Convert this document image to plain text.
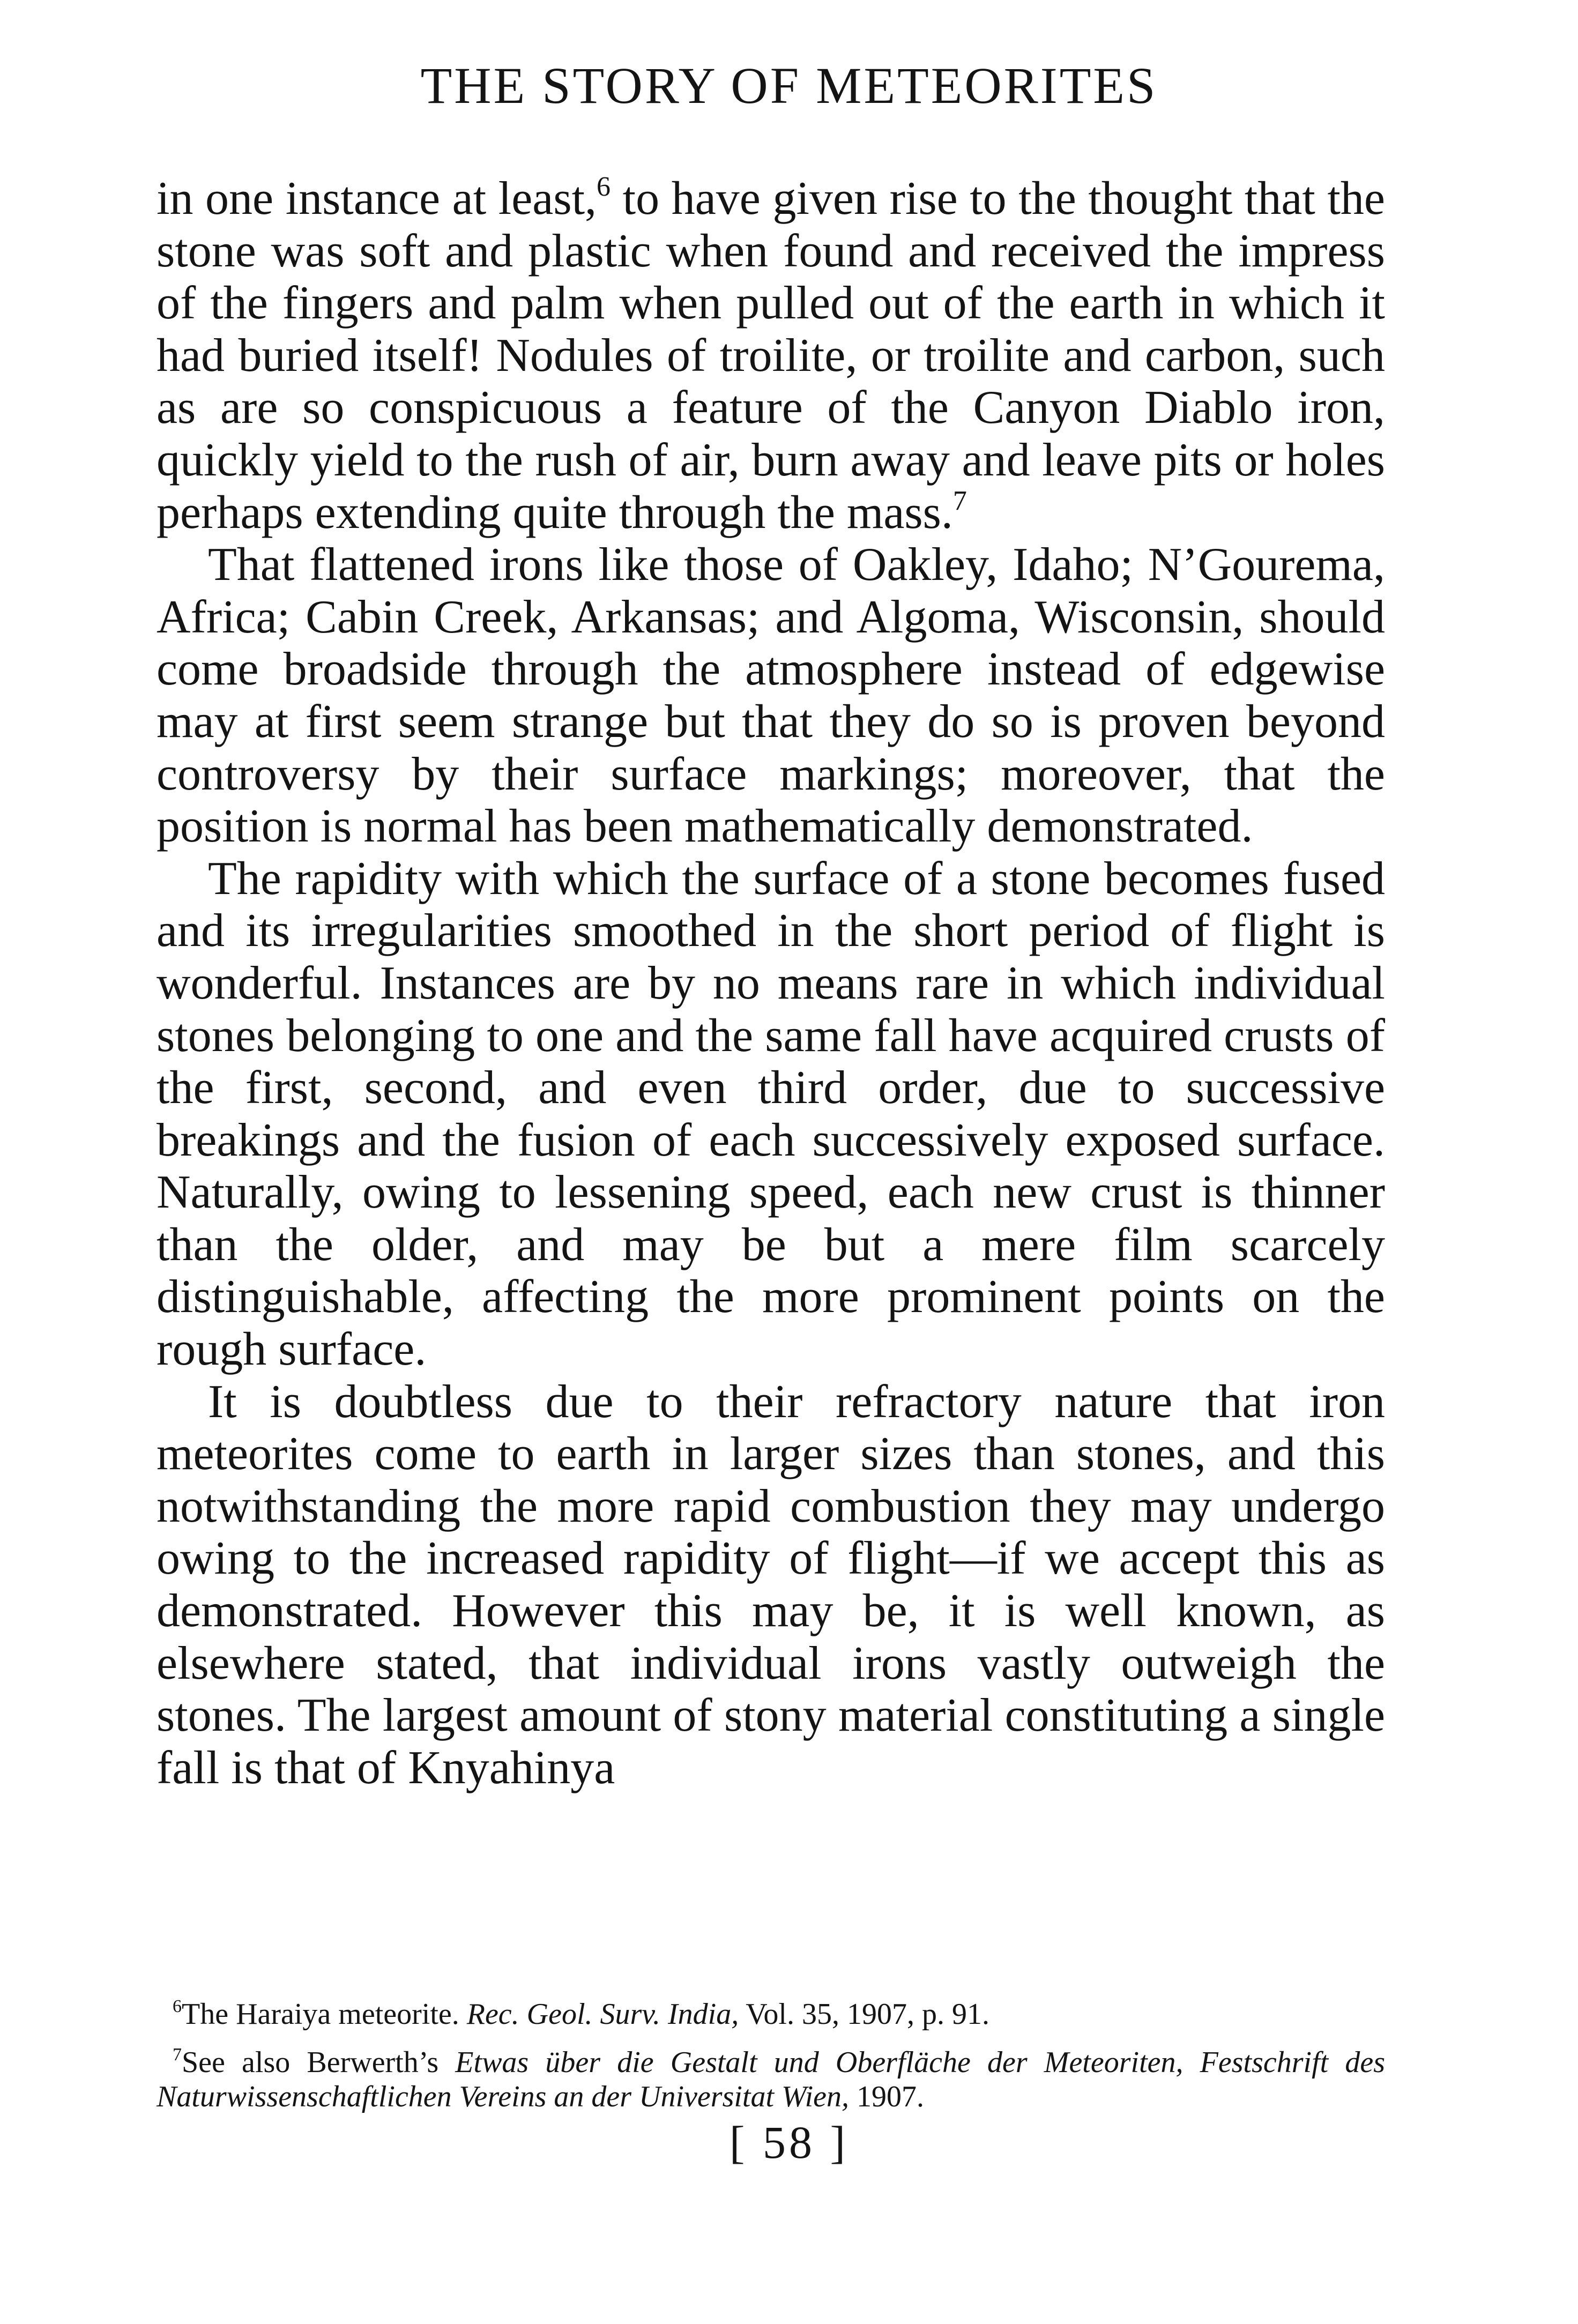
THE STORY OF METEORITES

in one instance at least,$^6$ to have given rise to the thought that the stone was soft and plastic when found and received the impress of the fingers and palm when pulled out of the earth in which it had buried itself! Nodules of troilite, or troilite and carbon, such as are so conspicuous a feature of the Canyon Diablo iron, quickly yield to the rush of air, burn away and leave pits or holes perhaps extending quite through the mass.$^7$

That flattened irons like those of Oakley, Idaho; N’Gourema, Africa; Cabin Creek, Arkansas; and Algoma, Wisconsin, should come broadside through the atmosphere instead of edgewise may at first seem strange but that they do so is proven beyond controversy by their surface markings; moreover, that the position is normal has been mathematically demonstrated.

The rapidity with which the surface of a stone becomes fused and its irregularities smoothed in the short period of flight is wonderful. Instances are by no means rare in which individual stones belonging to one and the same fall have acquired crusts of the first, second, and even third order, due to successive breakings and the fusion of each successively exposed surface. Naturally, owing to lessening speed, each new crust is thinner than the older, and may be but a mere film scarcely distinguishable, affecting the more prominent points on the rough surface.

It is doubtless due to their refractory nature that iron meteorites come to earth in larger sizes than stones, and this notwithstanding the more rapid combustion they may undergo owing to the increased rapidity of flight—if we accept this as demonstrated. However this may be, it is well known, as elsewhere stated, that individual irons vastly outweigh the stones. The largest amount of stony material constituting a single fall is that of Knyahinya

$^6$The Haraiya meteorite. Rec. Geol. Surv. India, Vol. 35, 1907, p. 91.

$^7$See also Berwerth’s Etwas über die Gestalt und Oberfläche der Meteoriten, Festschrift des Naturwissenschaftlichen Vereins an der Universitat Wien, 1907.

[ 58 ]
